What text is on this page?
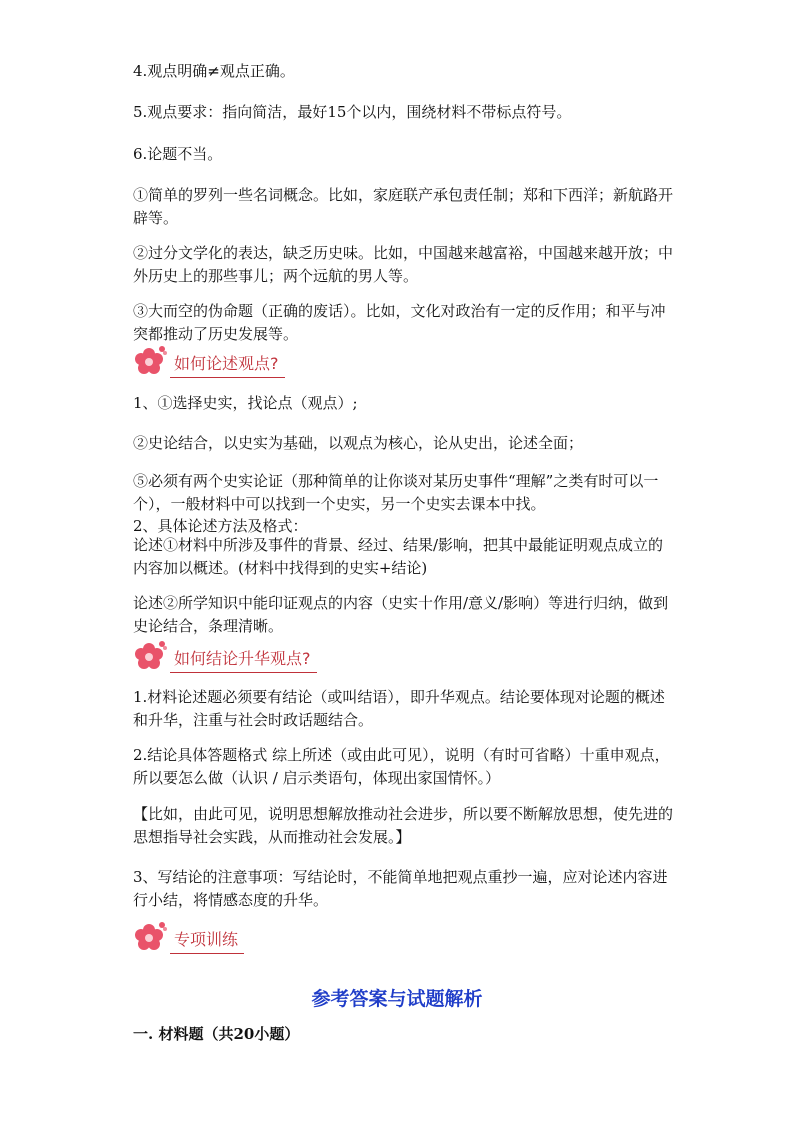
4.观点明确≠观点正确。

5.观点要求：指向简洁，最好15个以内，围绕材料不带标点符号。

6.论题不当。

①简单的罗列一些名词概念。比如，家庭联产承包责任制；郑和下西洋；新航路开辟等。

②过分文学化的表达，缺乏历史味。比如，中国越来越富裕，中国越来越开放；中外历史上的那些事儿；两个远航的男人等。

③大而空的伪命题（正确的废话）。比如，文化对政治有一定的反作用；和平与冲突都推动了历史发展等。

如何论述观点?

1、①选择史实，找论点（观点）;

②史论结合，以史实为基础，以观点为核心，论从史出，论述全面；

⑤必须有两个史实论证（那种简单的让你谈对某历史事件“理解”之类有时可以一个），一般材料中可以找到一个史实，另一个史实去课本中找。

2、具体论述方法及格式：

论述①材料中所涉及事件的背景、经过、结果/影响，把其中最能证明观点成立的内容加以概述。(材料中找得到的史实+结论)

论述②所学知识中能印证观点的内容（史实十作用/意义/影响）等进行归纳，做到史论结合，条理清晰。

如何结论升华观点?

1.材料论述题必须要有结论（或叫结语），即升华观点。结论要体现对论题的概述和升华，注重与社会时政话题结合。

2.结论具体答题格式 综上所述（或由此可见），说明（有时可省略）十重申观点，所以要怎么做（认识 / 启示类语句，体现出家国情怀。）

【比如，由此可见，说明思想解放推动社会进步，所以要不断解放思想，使先进的思想指导社会实践，从而推动社会发展。】

3、写结论的注意事项：写结论时，不能简单地把观点重抄一遍，应对论述内容进行小结，将情感态度的升华。

专项训练
参考答案与试题解析

一. 材料题（共20小题）
